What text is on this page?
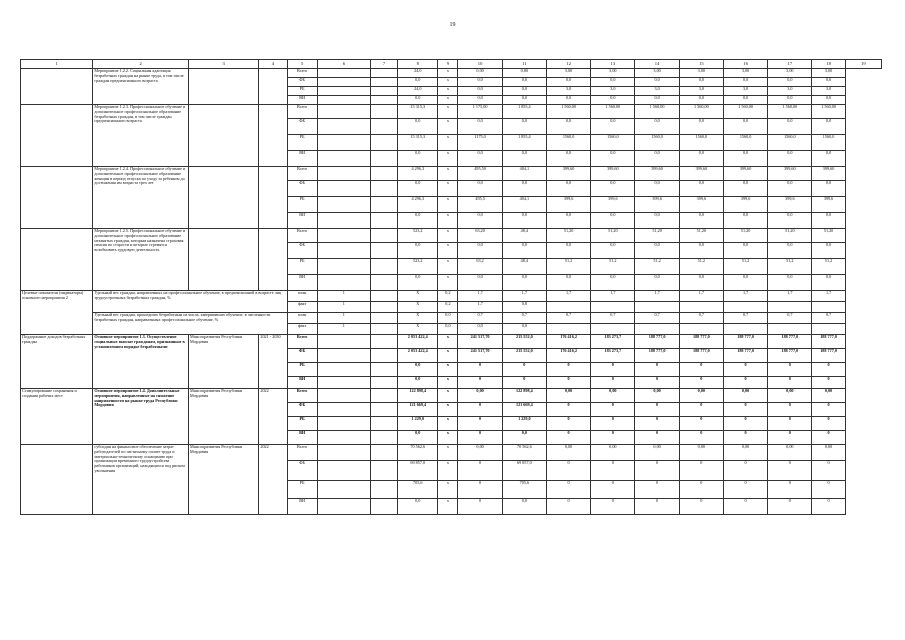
19
1	2	3	4	5	6	7	8	9	10	11	12	13	14	15	16	17	18	19
	Мероприятие 1.2.2. Социальная адаптация безработных граждан на рынке труда, в том числе граждан предпенсионного возраста			Всего			24,0	х	0,00	0,00	3,00	3,00	3,00	3,00	3,00	3,00	3,00	
				ФБ			0,0	х	0,0	0,0	0,0	0,0	0,0	0,0	0,0	0,0	0,0	
				РБ			24,0	х	0,0	0,0	3,0	3,0	3,0	3,0	3,0	3,0	3,0	
				ВИ			0,0	х	0,0	0,0	0,0	0,0	0,0	0,0	0,0	0,0	0,0	
	Мероприятие 1.2.3. Профессиональное обучение и дополнительное профессиональное образование безработных граждан, в том числе граждан предпенсионного возраста			Всего			15 315,3	х	1 175,00	1 855,4	1 560,00	1 560,00	1 560,00	1 560,00	1 560,00	1 560,00	1 560,00	
				ФБ			0,0	х	0,0	0,0	0,0	0,0	0,0	0,0	0,0	0,0	0,0	
				РБ			15 315,3	х	1175,0	1 855,4	1560,0	1560,0	1560,0	1560,0	1560,0	1560,0	1560,0	
				ВИ			0,0	х	0,0	0,0	0,0	0,0	0,0	0,0	0,0	0,0	0,0	
	Мероприятие 1.2.4. Профессиональное обучение и дополнительное профессиональное образование женщин в период отпуска по уходу за ребенком до достижения им возраста трех лет			Всего			4 296,3	х	495,50	404,1	399,60	399,60	399,60	399,60	399,60	399,60	399,60	
				ФБ			0,0	х	0,0	0,0	0,0	0,0	0,0	0,0	0,0	0,0	0,0	
				РБ			4 296,3	х	495,5	404,1	399,6	399,6	399,6	399,6	399,6	399,6	399,6	
				ВИ			0,0	х	0,0	0,0	0,0	0,0	0,0	0,0	0,0	0,0	0,0	
	Мероприятие 1.2.5. Профессиональное обучение и дополнительное профессиональное образование незанятых граждан, которым назначена страховая пенсия по старости и которые стремятся возобновить трудовую деятельность			Всего			523,2	х	63,20	48,4	51,20	51,20	51,20	51,20	51,20	51,20	51,20	
				ФБ			0,0	х	0,0	0,0	0,0	0,0	0,0	0,0	0,0	0,0	0,0	
				РБ			523,2	х	63,2	48,4	51,2	51,2	51,2	51,2	51,2	51,2	51,2	
				ВИ			0,0	х	0,0	0,0	0,0	0,0	0,0	0,0	0,0	0,0	0,0	
Целевые показатели (индикаторы) основного мероприятия 2	Удельный вес граждан, направленных на профессиональное обучение, в предпенсионной в возрасте лиц трудоустроенных безработных граждан, %			план	1		Х	0,2	1,7	1,7	1,7	1,7	1,7	1,7	1,7	1,7	1,7	
				факт	1		Х	0,2	1,7	0,8								
	Удельный вес граждан, прошедших безработным из числа, завершивших обучение, в численности безработных граждан, направленных профессиональное обучение, %			план	1		Х	0,0	0,7	0,7	0,7	0,7	0,7	0,7	0,7	0,7	0,7	
				факт	1		Х	0,0	0,0	0,0								
Поддержание доходов безработных граждан	Основное мероприятие 1.3. Осуществление социальных выплат гражданам, признанным в установленном порядке безработными	Минсоцразвития Республики Мордовия	2021 - 2030	Всего			2 053 422,4	х	241 517,70	215 552,0	176 416,2	183 273,7	188 777,0	188 777,0	188 777,0	188 777,0	188 777,0	
				ФБ			2 053 422,4	х	241 517,70	215 552,0	176 416,2	183 273,7	188 777,0	188 777,0	188 777,0	188 777,0	188 777,0	
				РБ			0,0	х	0	0	0	0	0	0	0	0	0	
				ВИ			0,0	х	0	0	0	0	0	0	0	0	0	
Стимулирование сохранения и создания рабочих мест	Основное мероприятие 1.4. Дополнительные мероприятия, направленные на снижение напряженности на рынке труда Республики Мордовия	Минсоцразвития Республики Мордовия	2022	Всего			122 898,4	х	0,00	122 898,4	0,00	0,00	0,00	0,00	0,00	0,00	0,00	
				ФБ			121 669,4	х	0	121 669,4	0	0	0	0	0	0	0	
				РБ			1 229,0	х	0	1 229,0	0	0	0	0	0	0	0	
				ВИ			0,0	х	0	0,0	0	0	0	0	0	0	0	
	субсидии на финансовое обеспечение затрат работодателей по частичному оплате труда и материально-техническому оснащению при организации временного трудоустройства работников организаций, находящихся под риском увольнения	Минсоцразвития Республики Мордовия	2022	Всего			70 562,6	х	0,00	70 562,6	0,00	0,00	0,00	0,00	0,00	0,00	0,00	
				ФБ			69 857,0	х	0	69 857,0	0	0	0	0	0	0	0	
				РБ			705,6	х	0	705,6	0	0	0	0	0	0	0	
				ВИ			0,0	х	0	0,0	0	0	0	0	0	0	0	
